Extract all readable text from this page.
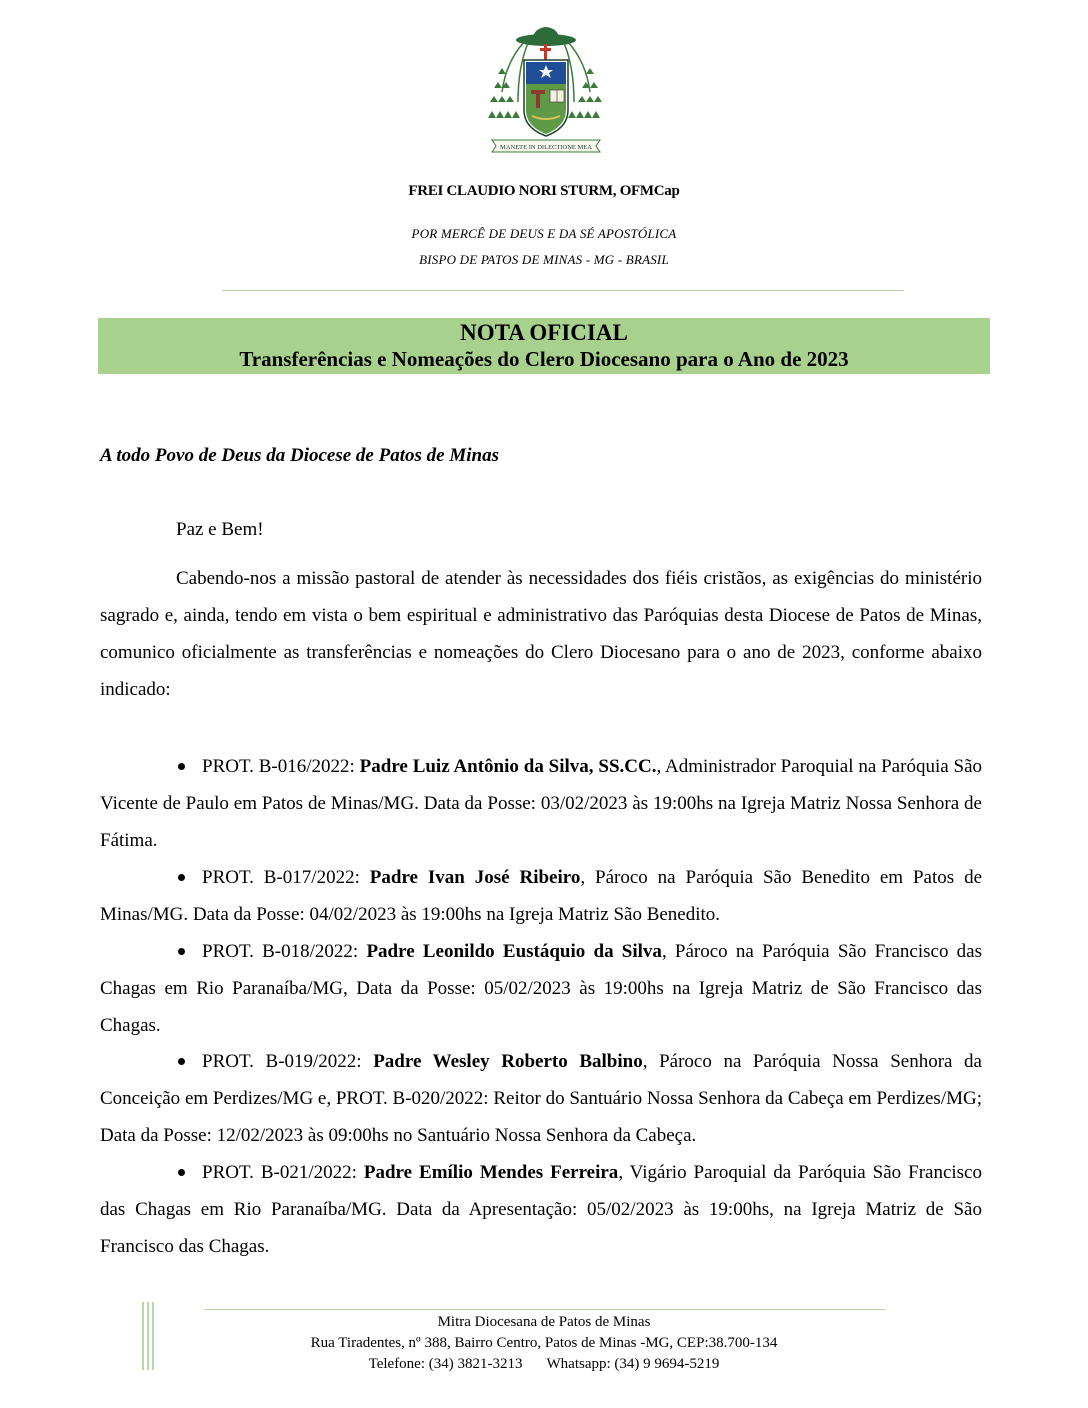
MANETE IN DILECTIONE MEA
FREI CLAUDIO NORI STURM, OFMCap
POR MERCÊ DE DEUS E DA SÉ APOSTÓLICA
BISPO DE PATOS DE MINAS - MG - BRASIL
NOTA OFICIAL
Transferências e Nomeações do Clero Diocesano para o Ano de 2023
A todo Povo de Deus da Diocese de Patos de Minas
Paz e Bem!
Cabendo-nos a missão pastoral de atender às necessidades dos fiéis cristãos, as exigências do ministério sagrado e, ainda, tendo em vista o bem espiritual e administrativo das Paróquias desta Diocese de Patos de Minas, comunico oficialmente as transferências e nomeações do Clero Diocesano para o ano de 2023, conforme abaixo indicado:
PROT. B-016/2022: Padre Luiz Antônio da Silva, SS.CC., Administrador Paroquial na Paróquia São Vicente de Paulo em Patos de Minas/MG. Data da Posse: 03/02/2023 às 19:00hs na Igreja Matriz Nossa Senhora de Fátima.
PROT. B-017/2022: Padre Ivan José Ribeiro, Pároco na Paróquia São Benedito em Patos de Minas/MG. Data da Posse: 04/02/2023 às 19:00hs na Igreja Matriz São Benedito.
PROT. B-018/2022: Padre Leonildo Eustáquio da Silva, Pároco na Paróquia São Francisco das Chagas em Rio Paranaíba/MG, Data da Posse: 05/02/2023 às 19:00hs na Igreja Matriz de São Francisco das Chagas.
PROT. B-019/2022: Padre Wesley Roberto Balbino, Pároco na Paróquia Nossa Senhora da Conceição em Perdizes/MG e, PROT. B-020/2022: Reitor do Santuário Nossa Senhora da Cabeça em Perdizes/MG; Data da Posse: 12/02/2023 às 09:00hs no Santuário Nossa Senhora da Cabeça.
PROT. B-021/2022: Padre Emílio Mendes Ferreira, Vigário Paroquial da Paróquia São Francisco das Chagas em Rio Paranaíba/MG. Data da Apresentação: 05/02/2023 às 19:00hs, na Igreja Matriz de São Francisco das Chagas.
Mitra Diocesana de Patos de Minas
Rua Tiradentes, nº 388, Bairro Centro, Patos de Minas -MG, CEP:38.700-134
Telefone: (34) 3821-3213 Whatsapp: (34) 9 9694-5219
